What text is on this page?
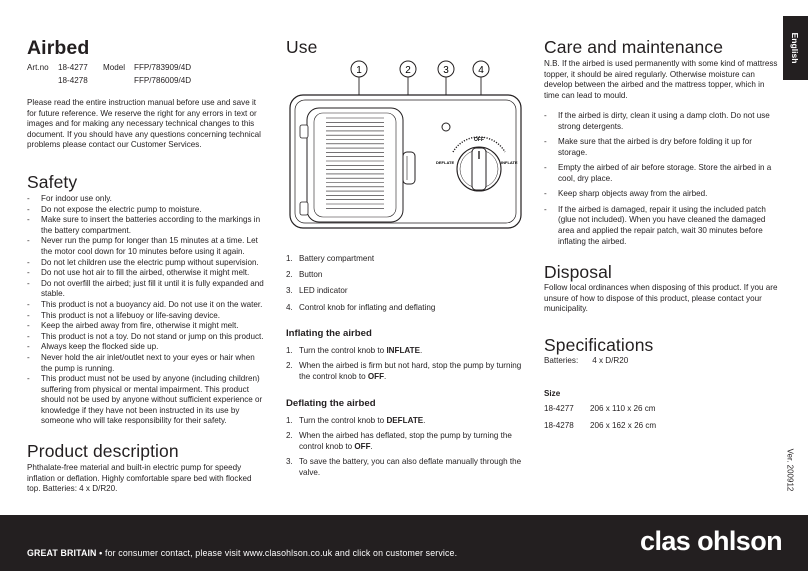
Airbed
Art.no	18-4277	Model	FFP/783909/4D
18-4278	FFP/786009/4D

Please read the entire instruction manual before use and save it for future reference. We reserve the right for any errors in text or images and for making any necessary technical changes to this document. If you should have any questions concerning technical problems please contact our Customer Services.

Safety
- For indoor use only.
- Do not expose the electric pump to moisture.
- Make sure to insert the batteries according to the markings in the battery compartment.
- Never run the pump for longer than 15 minutes at a time. Let the motor cool down for 10 minutes before using it again.
- Do not let children use the electric pump without supervision.
- Do not use hot air to fill the airbed, otherwise it might melt.
- Do not overfill the airbed; just fill it until it is fully expanded and stable.
- This product is not a buoyancy aid. Do not use it on the water.
- This product is not a lifebuoy or life-saving device.
- Keep the airbed away from fire, otherwise it might melt.
- This product is not a toy. Do not stand or jump on this product.
- Always keep the flocked side up.
- Never hold the air inlet/outlet next to your eyes or hair when the pump is running.
- This product must not be used by anyone (including children) suffering from physical or mental impairment. This product should not be used by anyone without sufficient experience or knowledge if they have not been instructed in its use by someone who will take responsibility for their safety.
Product description

Phthalate-free material and built-in electric pump for speedy inflation or deflation. Highly comfortable spare bed with flocked top. Batteries: 4 x D/R20.

Use
1	2	3	4
OFF
DEFLATE	INFLATE
1. Battery compartment
2. Button
3. LED indicator
4. Control knob for inflating and deflating
Inflating the airbed
1. Turn the control knob to INFLATE.
2. When the airbed is firm but not hard, stop the pump by turning the control knob to OFF.
Deflating the airbed
1. Turn the control knob to DEFLATE.
2. When the airbed has deflated, stop the pump by turning the control knob to OFF.
3. To save the battery, you can also deflate manually through the valve.
Care and maintenance

N.B. If the airbed is used permanently with some kind of mattress topper, it should be aired regularly. Otherwise moisture can develop between the airbed and the mattress topper, which in time can lead to mould.

- If the airbed is dirty, clean it using a damp cloth. Do not use strong detergents.
- Make sure that the airbed is dry before folding it up for storage.
- Empty the airbed of air before storage. Store the airbed in a cool, dry place.
- Keep sharp objects away from the airbed.
- If the airbed is damaged, repair it using the included patch (glue not included). When you have cleaned the damaged area and applied the repair patch, wait 30 minutes before inflating the airbed.
Disposal

Follow local ordinances when disposing of this product. If you are unsure of how to dispose of this product, please contact your municipality.

Specifications
Batteries: 4 x D/R20
Size
18-4277	206 x 110 x 26 cm
18-4278	206 x 162 x 26 cm
English
Ver. 200912
GREAT BRITAIN • for consumer contact, please visit www.clasohlson.co.uk and click on customer service.	clas ohlson
